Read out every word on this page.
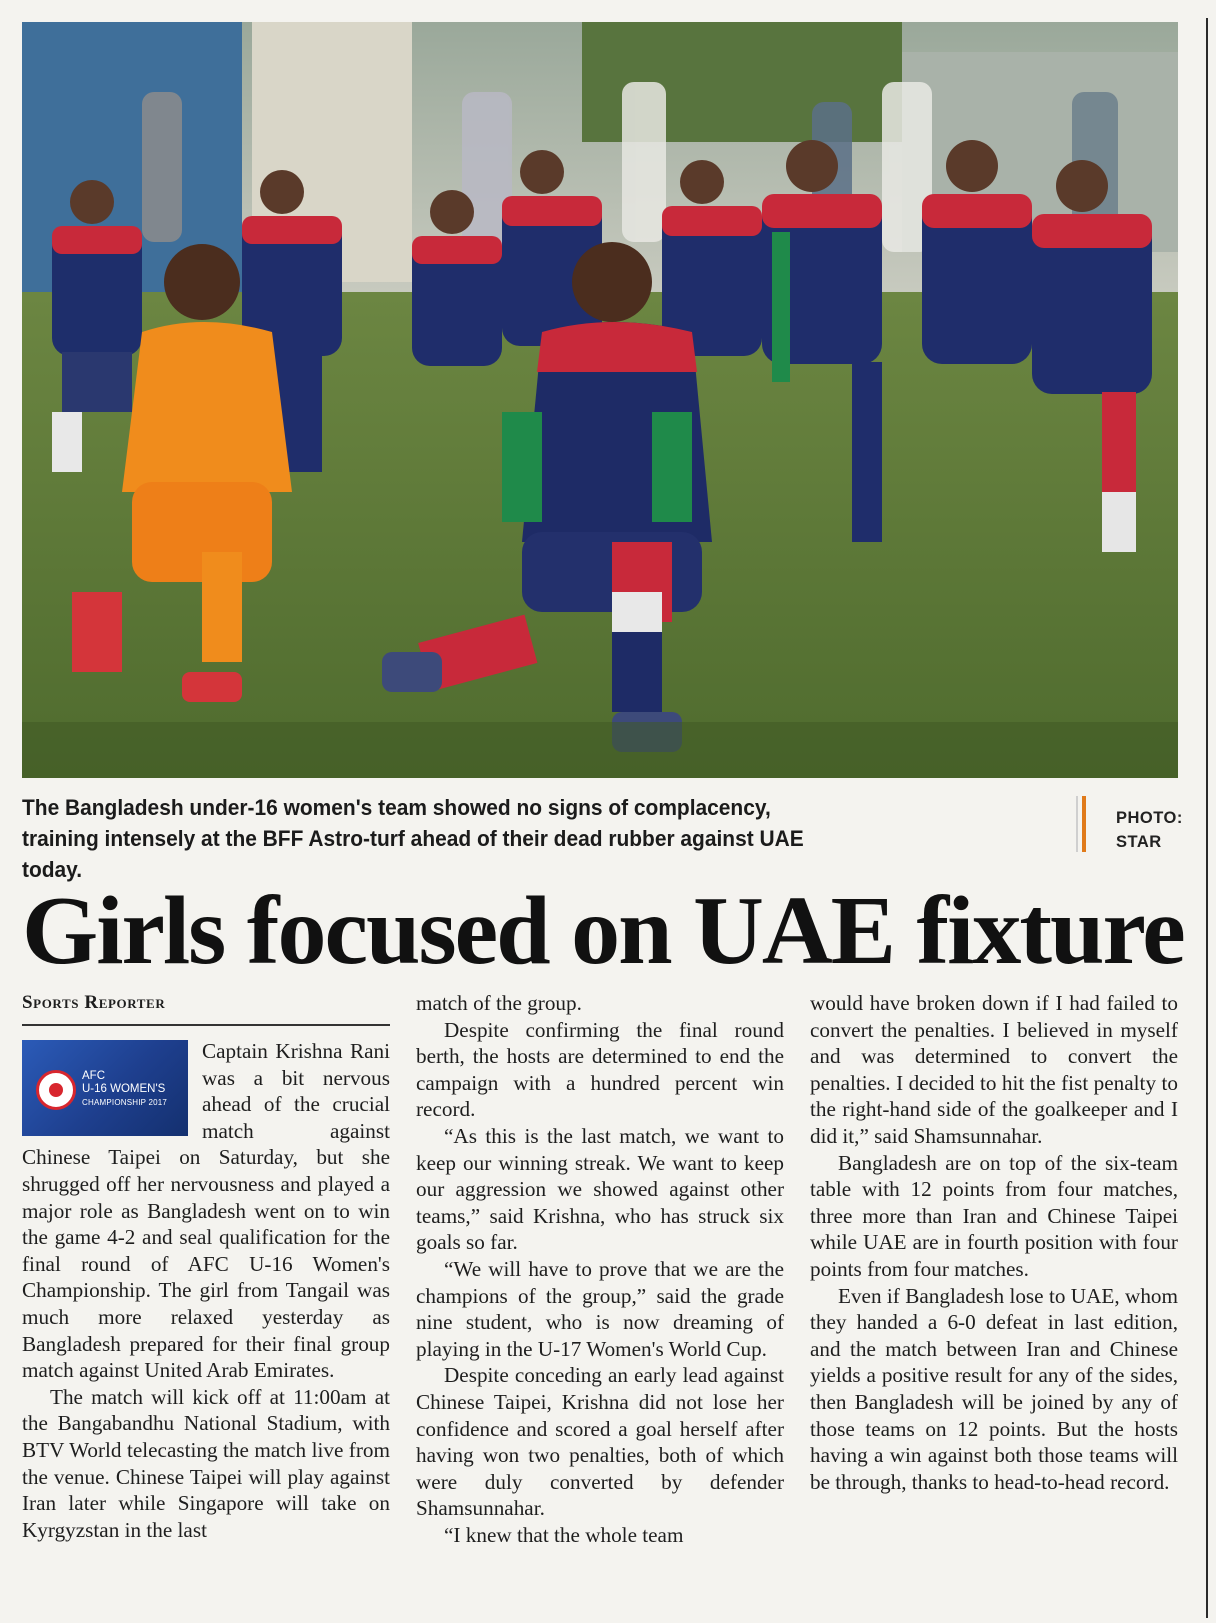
The Bangladesh under-16 women's team showed no signs of complacency, training intensely at the BFF Astro-turf ahead of their dead rubber against UAE today.
PHOTO:
STAR
Girls focused on UAE fixture
Sports Reporter
AFC
U-16 WOMEN'S
CHAMPIONSHIP 2017

Captain Krishna Rani was a bit nervous ahead of the crucial match against Chinese Taipei on Saturday, but she shrugged off her nervousness and played a major role as Bangladesh went on to win the game 4-2 and seal qualification for the final round of AFC U-16 Women's Championship. The girl from Tangail was much more relaxed yesterday as Bangladesh prepared for their final group match against United Arab Emirates.

The match will kick off at 11:00am at the Bangabandhu National Stadium, with BTV World telecasting the match live from the venue. Chinese Taipei will play against Iran later while Singapore will take on Kyrgyzstan in the last

match of the group.

Despite confirming the final round berth, the hosts are determined to end the campaign with a hundred percent win record.

“As this is the last match, we want to keep our winning streak. We want to keep our aggression we showed against other teams,” said Krishna, who has struck six goals so far.

“We will have to prove that we are the champions of the group,” said the grade nine student, who is now dreaming of playing in the U-17 Women's World Cup.

Despite conceding an early lead against Chinese Taipei, Krishna did not lose her confidence and scored a goal herself after having won two penalties, both of which were duly converted by defender Shamsunnahar.

“I knew that the whole team

would have broken down if I had failed to convert the penalties. I believed in myself and was determined to convert the penalties. I decided to hit the fist penalty to the right-hand side of the goalkeeper and I did it,” said Shamsunnahar.

Bangladesh are on top of the six-team table with 12 points from four matches, three more than Iran and Chinese Taipei while UAE are in fourth position with four points from four matches.

Even if Bangladesh lose to UAE, whom they handed a 6-0 defeat in last edition, and the match between Iran and Chinese yields a positive result for any of the sides, then Bangladesh will be joined by any of those teams on 12 points. But the hosts having a win against both those teams will be through, thanks to head-to-head record.
